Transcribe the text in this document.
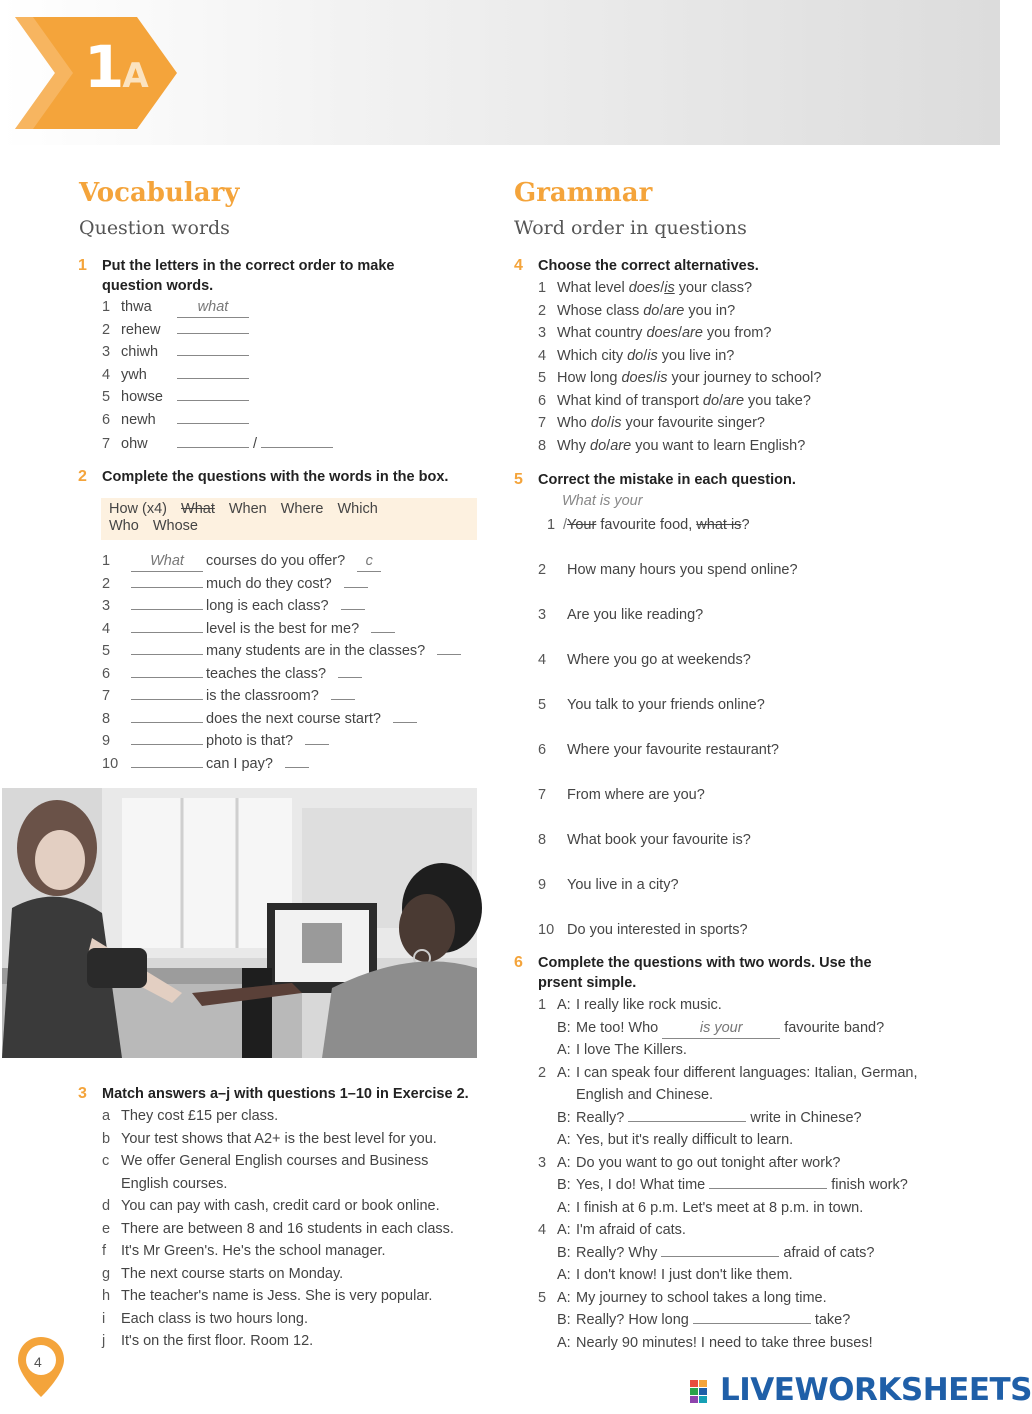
1A
Vocabulary
Question words
1 Put the letters in the correct order to make
question words.
1 thwa	what
2 rehew
3 chiwh
4 ywh
5 howse
6 newh
7 ohw	/
2 Complete the questions with the words in the box.
How (x4) What When Where Which
Who Whose
1	What courses do you offer? c
2	much do they cost?
3	long is each class?
4	level is the best for me?
5	many students are in the classes?
6	teaches the class?
7	is the classroom?
8	does the next course start?
9	photo is that?
10	can I pay?
3 Match answers a–j with questions 1–10 in Exercise 2.
a They cost £15 per class.
b Your test shows that A2+ is the best level for you.
c We offer General English courses and Business
English courses.
d You can pay with cash, credit card or book online.
e There are between 8 and 16 students in each class.
f It's Mr Green's. He's the school manager.
g The next course starts on Monday.
h The teacher's name is Jess. She is very popular.
i Each class is two hours long.
j It's on the first floor. Room 12.
Grammar
Word order in questions
4 Choose the correct alternatives.
1 What level does/is your class?
2 Whose class do/are you in?
3 What country does/are you from?
4 Which city do/is you live in?
5 How long does/is your journey to school?
6 What kind of transport do/are you take?
7 Who do/is your favourite singer?
8 Why do/are you want to learn English?
5 Correct the mistake in each question.
What is your
1 /Your favourite food, what is?
2 How many hours you spend online?
3 Are you like reading?
4 Where you go at weekends?
5 You talk to your friends online?
6 Where your favourite restaurant?
7 From where are you?
8 What book your favourite is?
9 You live in a city?
10 Do you interested in sports?
6 Complete the questions with two words. Use the
prsent simple.
1 A: I really like rock music.
B: Me too! Who	is your	favourite band?
A: I love The Killers.
2 A: I can speak four different languages: Italian, German,
English and Chinese.
B: Really?	write in Chinese?
A: Yes, but it's really difficult to learn.
3 A: Do you want to go out tonight after work?
B: Yes, I do! What time	finish work?
A: I finish at 6 p.m. Let's meet at 8 p.m. in town.
4 A: I'm afraid of cats.
B: Really? Why	afraid of cats?
A: I don't know! I just don't like them.
5 A: My journey to school takes a long time.
B: Really? How long	take?
A: Nearly 90 minutes! I need to take three buses!
4
LIVEWORKSHEETS
